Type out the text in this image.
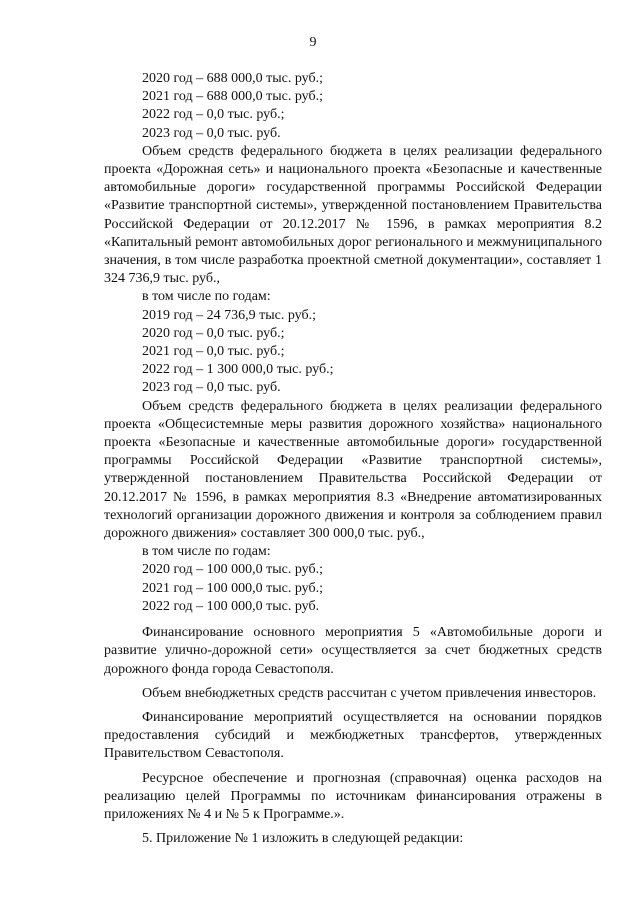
9
2020 год – 688 000,0 тыс. руб.;
2021 год – 688 000,0 тыс. руб.;
2022 год – 0,0 тыс. руб.;
2023 год – 0,0 тыс. руб.
Объем средств федерального бюджета в целях реализации федерального проекта «Дорожная сеть» и национального проекта «Безопасные и качественные автомобильные дороги» государственной программы Российской Федерации «Развитие транспортной системы», утвержденной постановлением Правительства Российской Федерации от 20.12.2017 № 1596, в рамках мероприятия 8.2 «Капитальный ремонт автомобильных дорог регионального и межмуниципального значения, в том числе разработка проектной сметной документации», составляет 1 324 736,9 тыс. руб.,
в том числе по годам:
2019 год – 24 736,9 тыс. руб.;
2020 год – 0,0 тыс. руб.;
2021 год – 0,0 тыс. руб.;
2022 год – 1 300 000,0 тыс. руб.;
2023 год – 0,0 тыс. руб.
Объем средств федерального бюджета в целях реализации федерального проекта «Общесистемные меры развития дорожного хозяйства» национального проекта «Безопасные и качественные автомобильные дороги» государственной программы Российской Федерации «Развитие транспортной системы», утвержденной постановлением Правительства Российской Федерации от 20.12.2017 № 1596, в рамках мероприятия 8.3 «Внедрение автоматизированных технологий организации дорожного движения и контроля за соблюдением правил дорожного движения» составляет 300 000,0 тыс. руб.,
в том числе по годам:
2020 год – 100 000,0 тыс. руб.;
2021 год – 100 000,0 тыс. руб.;
2022 год – 100 000,0 тыс. руб.
Финансирование основного мероприятия 5 «Автомобильные дороги и развитие улично-дорожной сети» осуществляется за счет бюджетных средств дорожного фонда города Севастополя.
Объем внебюджетных средств рассчитан с учетом привлечения инвесторов.
Финансирование мероприятий осуществляется на основании порядков предоставления субсидий и межбюджетных трансфертов, утвержденных Правительством Севастополя.
Ресурсное обеспечение и прогнозная (справочная) оценка расходов на реализацию целей Программы по источникам финансирования отражены в приложениях № 4 и № 5 к Программе.».
5. Приложение № 1 изложить в следующей редакции:
